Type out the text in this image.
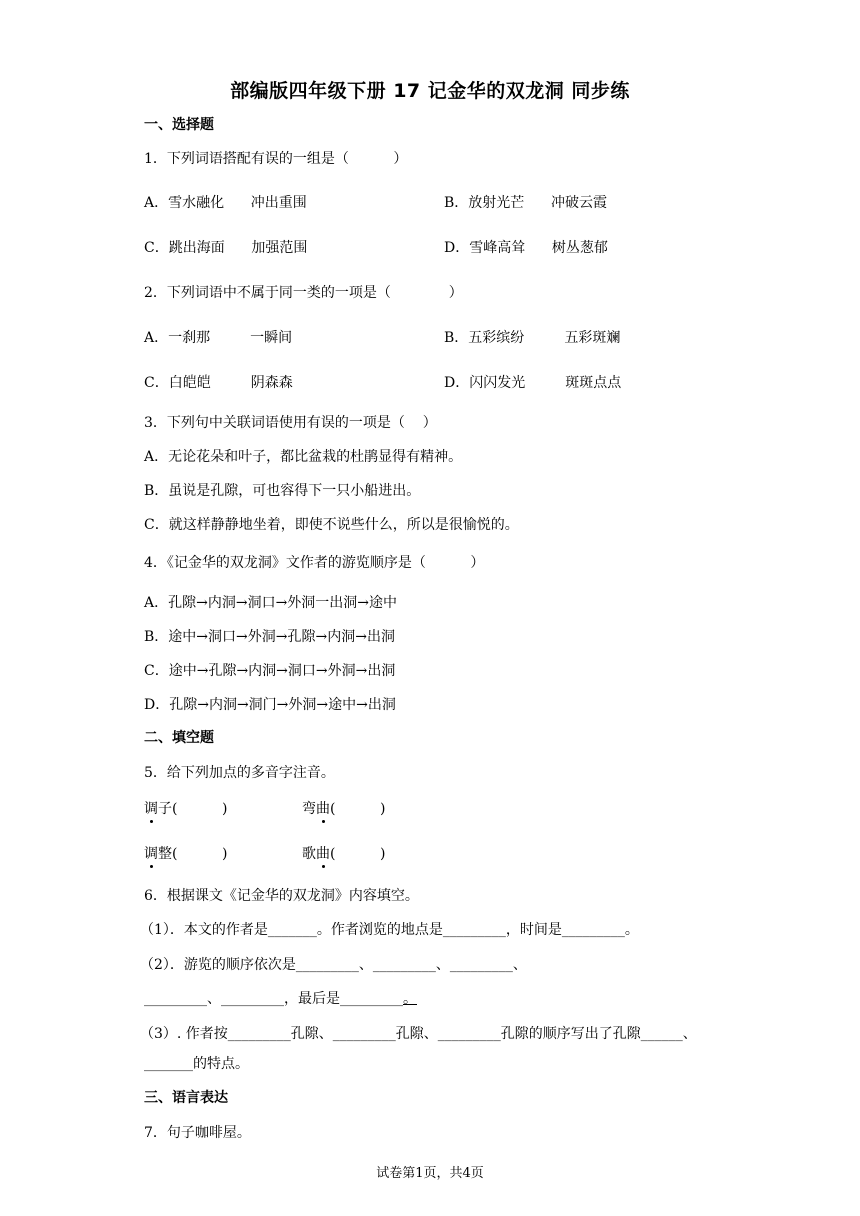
部编版四年级下册 17 记金华的双龙洞 同步练
一、选择题
1．下列词语搭配有误的一组是（          ）
A．雪水融化      冲出重围	B．放射光芒      冲破云霞
C．跳出海面      加强范围	D．雪峰高耸      树丛葱郁
2．下列词语中不属于同一类的一项是（             ）
A．一刹那         一瞬间	B．五彩缤纷         五彩斑斓
C．白皑皑         阴森森	D．闪闪发光         斑斑点点
3．下列句中关联词语使用有误的一项是（    ）
A．无论花朵和叶子，都比盆栽的杜鹃显得有精神。
B．虽说是孔隙，可也容得下一只小船进出。
C．就这样静静地坐着，即使不说些什么，所以是很愉悦的。
4．《记金华的双龙洞》文作者的游览顺序是（          ）
A．孔隙→内洞→洞口→外洞一出洞→途中
B．途中→洞口→外洞→孔隙→内洞→出洞
C．途中→孔隙→内洞→洞口→外洞→出洞
D．孔隙→内洞→洞门→外洞→途中→出洞
二、填空题
5．给下列加点的多音字注音。
调子(          )	弯曲(          )
调整(          )	歌曲(          )
6．根据课文《记金华的双龙洞》内容填空。
（1）．本文的作者是_______。作者浏览的地点是_________，时间是_________。
（2）．游览的顺序依次是_________、_________、_________、
_________、_________，最后是_________。
（3）. 作者按_________孔隙、_________孔隙、_________孔隙的顺序写出了孔隙______、
_______的特点。
三、语言表达
7．句子咖啡屋。
试卷第1页，共4页
